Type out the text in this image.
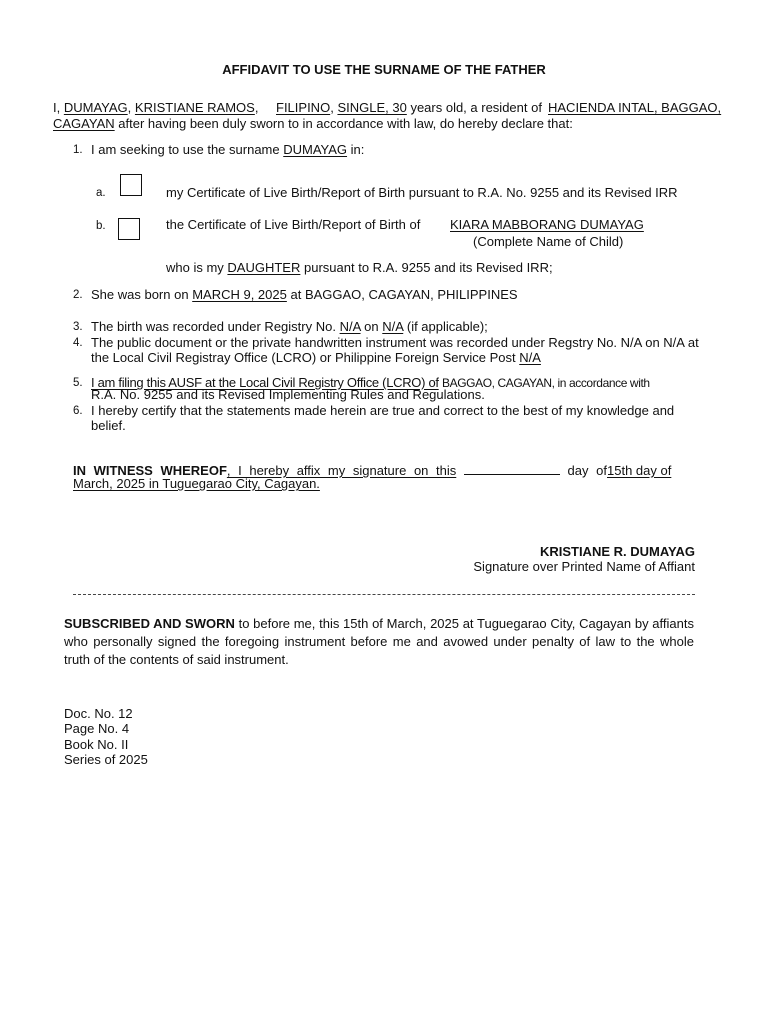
AFFIDAVIT TO USE THE SURNAME OF THE FATHER
I, DUMAYAG, KRISTIANE RAMOS, FILIPINO, SINGLE, 30 years old, a resident of HACIENDA INTAL, BAGGAO,
CAGAYAN after having been duly sworn to in accordance with law, do hereby declare that:
1. I am seeking to use the surname DUMAYAG in:
a.	my Certificate of Live Birth/Report of Birth pursuant to R.A. No. 9255 and its Revised IRR
b.	the Certificate of Live Birth/Report of Birth of KIARA MABBORANG DUMAYAG
(Complete Name of Child)
who is my DAUGHTER pursuant to R.A. 9255 and its Revised IRR;
2. She was born on MARCH 9, 2025 at BAGGAO, CAGAYAN, PHILIPPINES
3. The birth was recorded under Registry No. N/A on N/A (if applicable);
4. The public document or the private handwritten instrument was recorded under Regstry No. N/A on N/A at
the Local Civil Registray Office (LCRO) or Philippine Foreign Service Post N/A
5. I am filing this AUSF at the Local Civil Registry Office (LCRO) of BAGGAO, CAGAYAN, in accordance with
R.A. No. 9255 and its Revised Implementing Rules and Regulations.
6. I hereby certify that the statements made herein are true and correct to the best of my knowledge and
belief.
IN WITNESS WHEREOF, I hereby affix my signature on this	day of 15th day of
March, 2025 in Tuguegarao City, Cagayan.
KRISTIANE R. DUMAYAG
Signature over Printed Name of Affiant
SUBSCRIBED AND SWORN to before me, this 15th of March, 2025 at Tuguegarao City, Cagayan by affiants who personally signed the foregoing instrument before me and avowed under penalty of law to the whole truth of the contents of said instrument.
Doc. No. 12
Page No. 4
Book No. II
Series of 2025
